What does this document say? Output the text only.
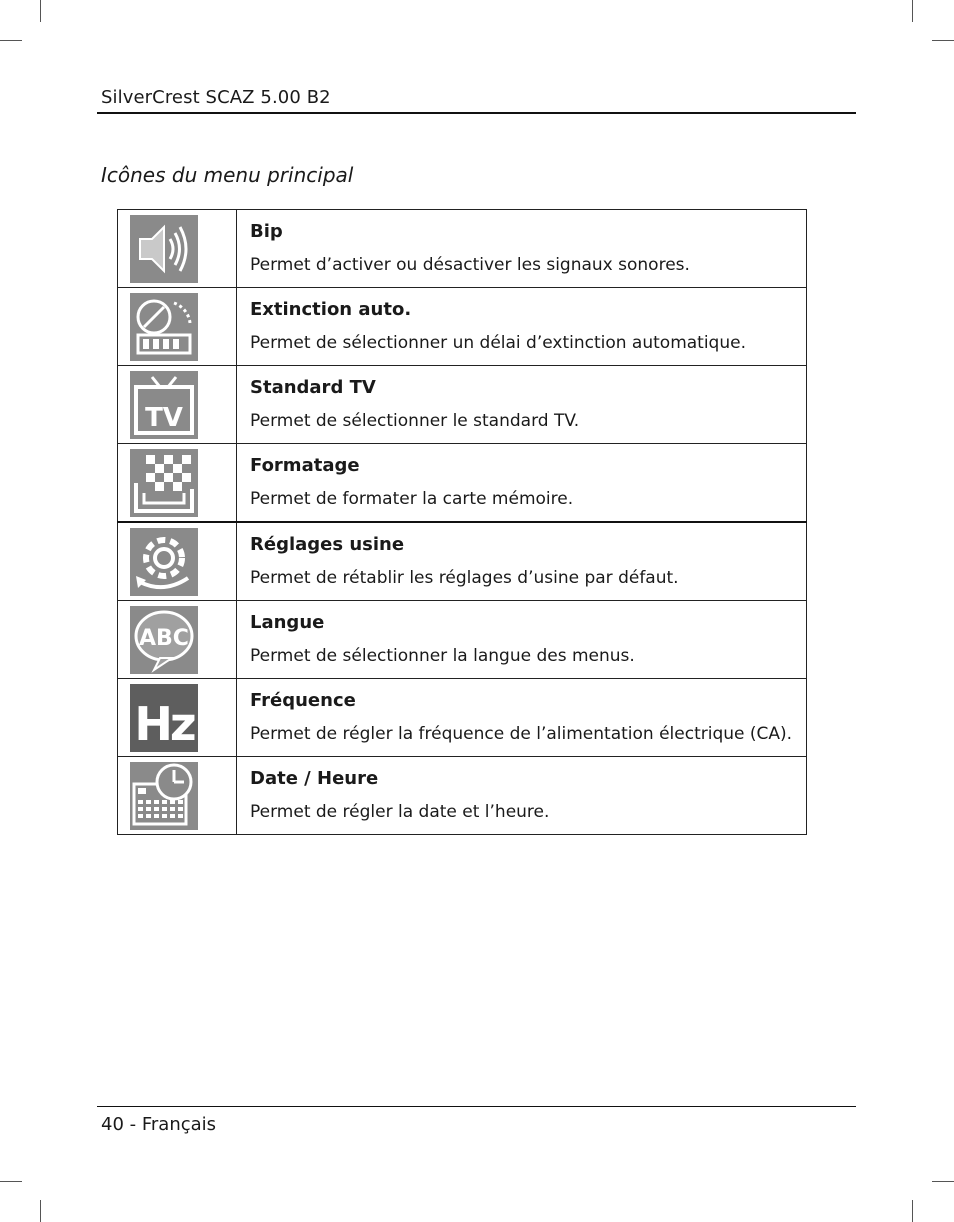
SilverCrest SCAZ 5.00 B2
Icônes du menu principal

Bip
Permet d’activer ou désactiver les signaux sonores.

Extinction auto.
Permet de sélectionner un délai d’extinction automatique.

TV	Standard TV
Permet de sélectionner le standard TV.

Formatage
Permet de formater la carte mémoire.

Réglages usine
Permet de rétablir les réglages d’usine par défaut.

ABC	Langue
Permet de sélectionner la langue des menus.

Hz	Fréquence
Permet de régler la fréquence de l’alimentation électrique (CA).

Date / Heure
Permet de régler la date et l’heure.
40 - Français
